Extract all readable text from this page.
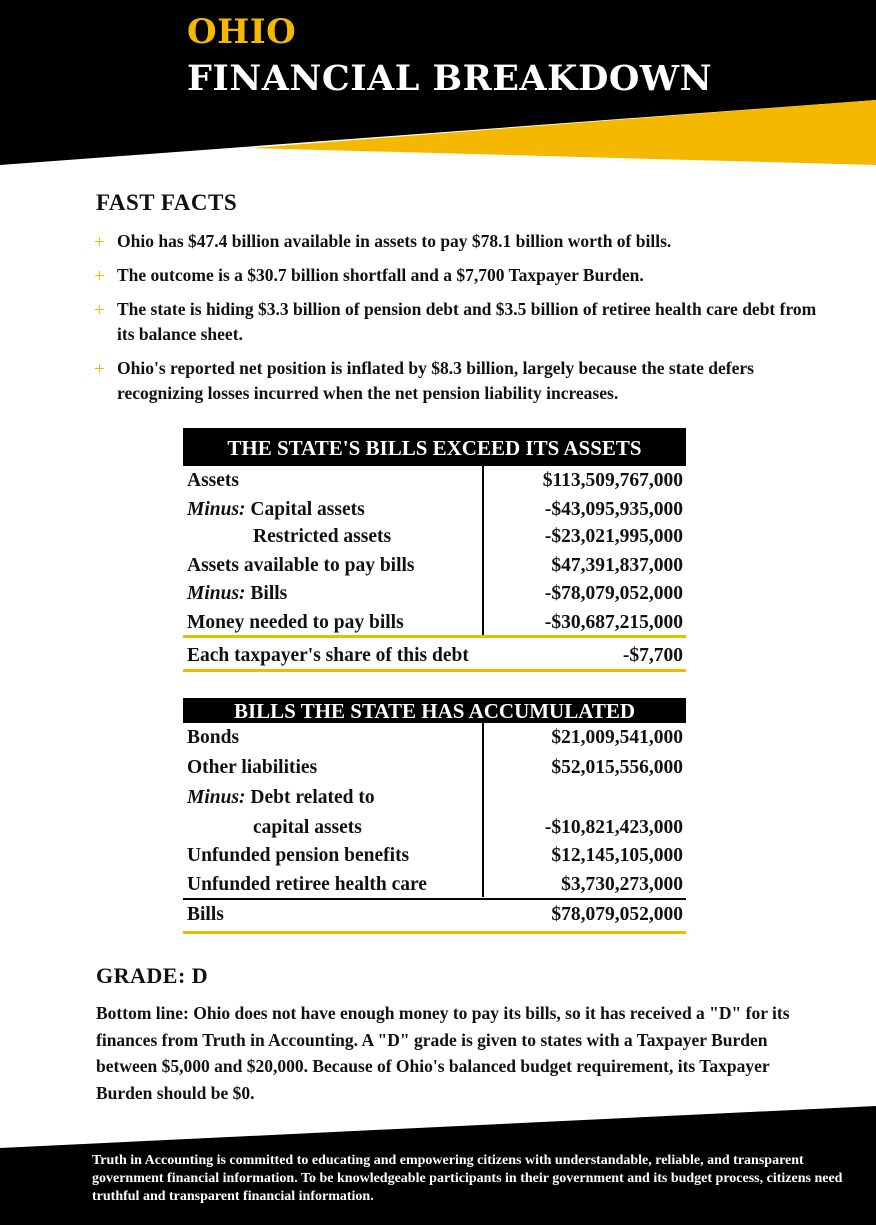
OHIO
FINANCIAL BREAKDOWN
FAST FACTS
+ Ohio has $47.4 billion available in assets to pay $78.1 billion worth of bills.
+ The outcome is a $30.7 billion shortfall and a $7,700 Taxpayer Burden.
+ The state is hiding $3.3 billion of pension debt and $3.5 billion of retiree health care debt from its balance sheet.
+ Ohio's reported net position is inflated by $8.3 billion, largely because the state defers recognizing losses incurred when the net pension liability increases.
THE STATE'S BILLS EXCEED ITS ASSETS
Assets	$113,509,767,000
Minus: Capital assets	-$43,095,935,000
Restricted assets	-$23,021,995,000
Assets available to pay bills	$47,391,837,000
Minus: Bills	-$78,079,052,000
Money needed to pay bills	-$30,687,215,000
Each taxpayer's share of this debt	-$7,700
BILLS THE STATE HAS ACCUMULATED
Bonds	$21,009,541,000
Other liabilities	$52,015,556,000
Minus: Debt related to
capital assets	-$10,821,423,000
Unfunded pension benefits	$12,145,105,000
Unfunded retiree health care	$3,730,273,000
Bills	$78,079,052,000
GRADE: D
Bottom line: Ohio does not have enough money to pay its bills, so it has received a "D" for its finances from Truth in Accounting. A "D" grade is given to states with a Taxpayer Burden between $5,000 and $20,000. Because of Ohio's balanced budget requirement, its Taxpayer Burden should be $0.
Truth in Accounting is committed to educating and empowering citizens with understandable, reliable, and transparent government financial information. To be knowledgeable participants in their government and its budget process, citizens need truthful and transparent financial information.
